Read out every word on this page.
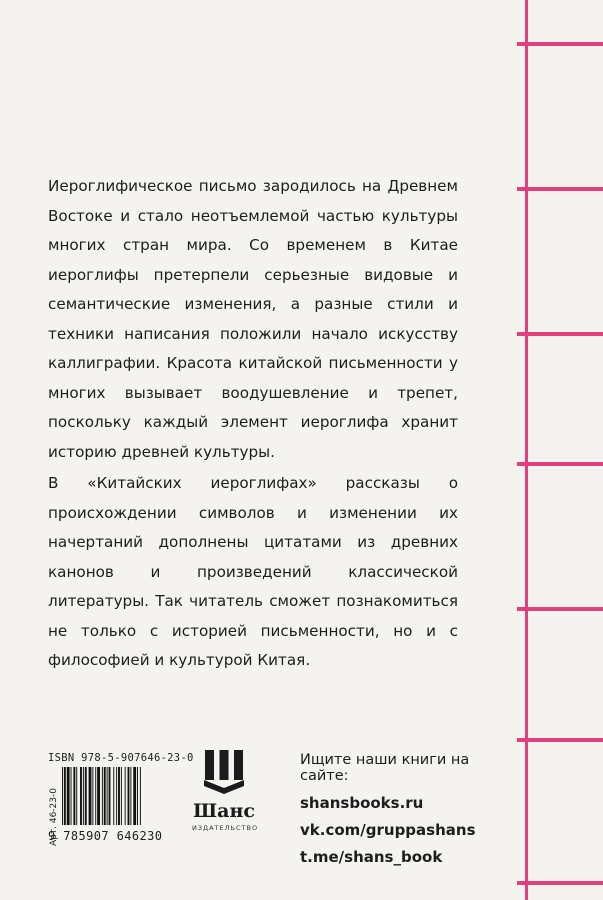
Иероглифическое письмо зародилось на Древнем Востоке и стало неотъемлемой частью культуры многих стран мира. Со временем в Китае иероглифы претерпели серьезные видовые и семантические изменения, а разные стили и техники написания положили начало искусству каллиграфии. Красота китайской письменности у многих вызывает воодушевление и трепет, поскольку каждый элемент иероглифа хранит историю древней культуры.

В «Китайских иероглифах» рассказы о происхождении символов и изменении их начертаний дополнены цитатами из древних канонов и произведений классической литературы. Так читатель сможет познакомиться не только с историей письменности, но и с философией и культурой Китая.

ISBN 978-5-907646-23-0
Арт. 46-23-0
9 785907 646230
Шанс
ИЗДАТЕЛЬСТВО
Ищите наши книги на сайте:
shansbooks.ru
vk.com/gruppashans
t.me/shans_book
